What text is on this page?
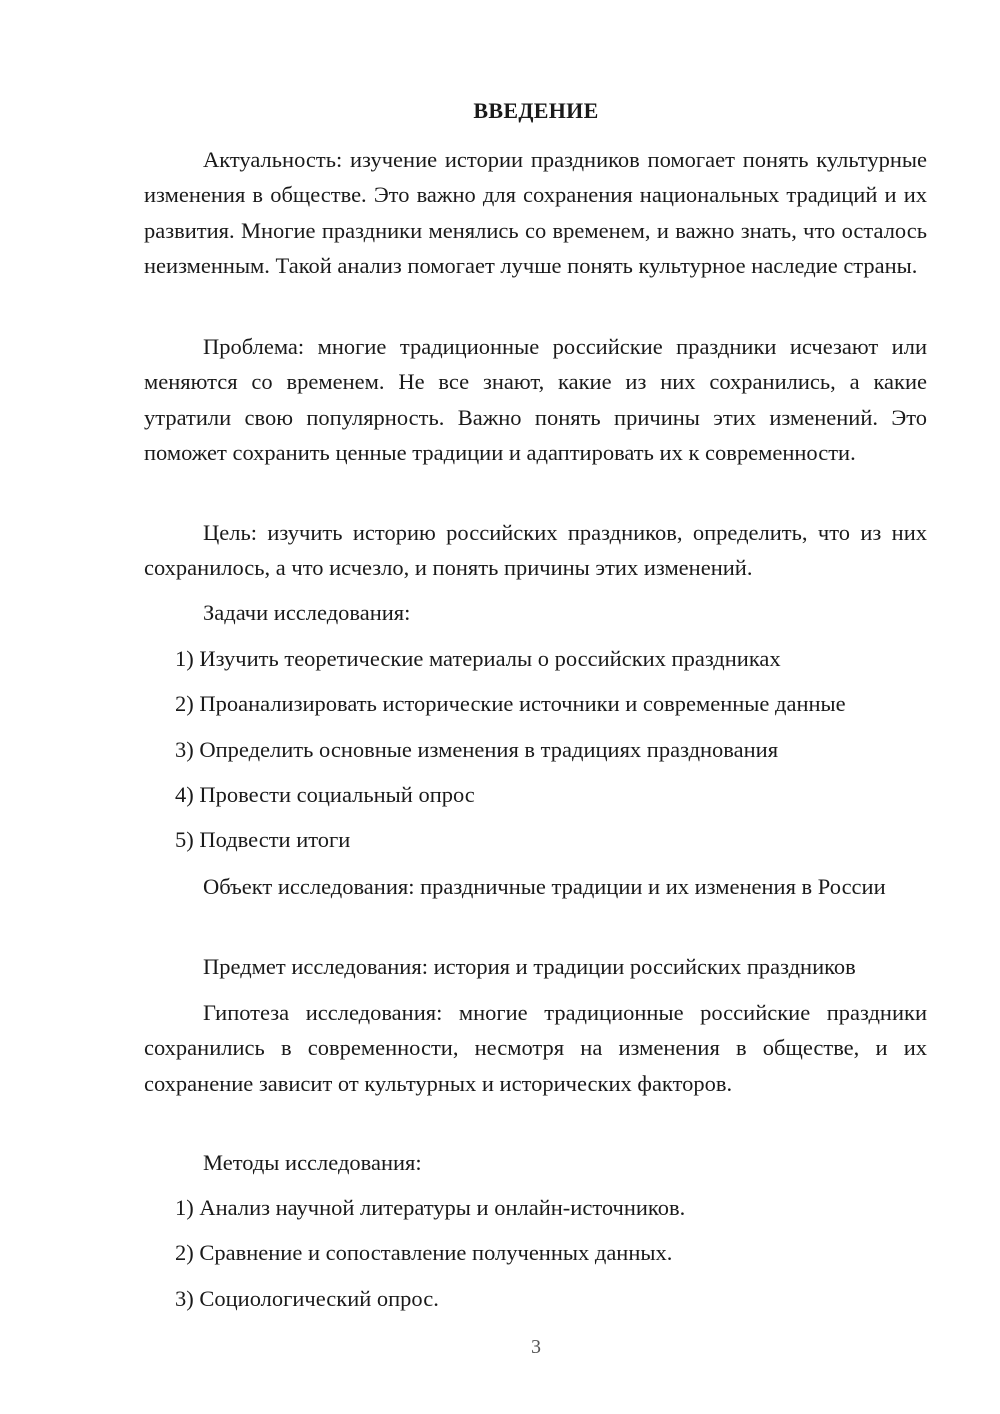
ВВЕДЕНИЕ

Актуальность: изучение истории праздников помогает понять культурные изменения в обществе. Это важно для сохранения национальных традиций и их развития. Многие праздники менялись со временем, и важно знать, что осталось неизменным. Такой анализ помогает лучше понять культурное наследие страны.

Проблема: многие традиционные российские праздники исчезают или меняются со временем. Не все знают, какие из них сохранились, а какие утратили свою популярность. Важно понять причины этих изменений. Это поможет сохранить ценные традиции и адаптировать их к современности.

Цель: изучить историю российских праздников, определить, что из них сохранилось, а что исчезло, и понять причины этих изменений.

Задачи исследования:

1) Изучить теоретические материалы о российских праздниках

2) Проанализировать исторические источники и современные данные

3) Определить основные изменения в традициях празднования

4) Провести социальный опрос

5) Подвести итоги

Объект исследования: праздничные традиции и их изменения в России

Предмет исследования: история и традиции российских праздников

Гипотеза исследования: многие традиционные российские праздники сохранились в современности, несмотря на изменения в обществе, и их сохранение зависит от культурных и исторических факторов.

Методы исследования:

1) Анализ научной литературы и онлайн-источников.

2) Сравнение и сопоставление полученных данных.

3) Социологический опрос.

3
